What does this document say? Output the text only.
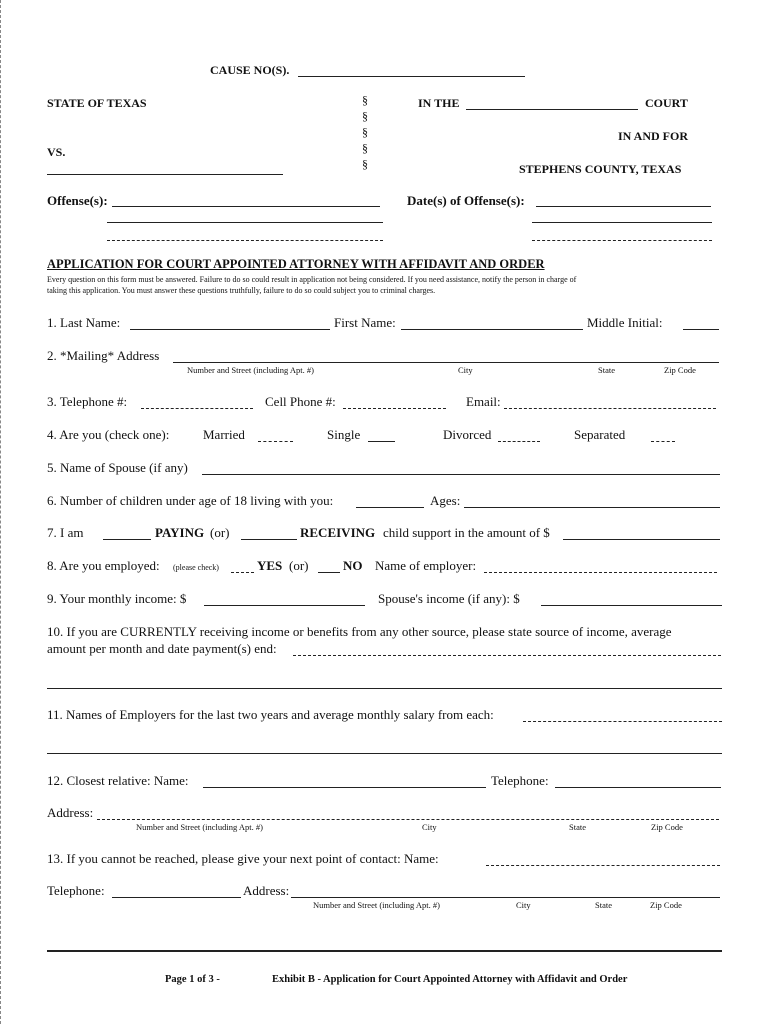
CAUSE NO(S).
STATE OF TEXAS
VS.
§
§
§
§
§
IN THE	COURT
IN AND FOR
STEPHENS COUNTY, TEXAS
Offense(s):	Date(s) of Offense(s):
APPLICATION FOR COURT APPOINTED ATTORNEY WITH AFFIDAVIT AND ORDER
Every question on this form must be answered. Failure to do so could result in application not being considered. If you need assistance, notify the person in charge of
taking this application. You must answer these questions truthfully, failure to do so could subject you to criminal charges.
1. Last Name:	First Name:	Middle Initial:
2. *Mailing* Address
Number and Street (including Apt. #)	City	State	Zip Code
3. Telephone #:	Cell Phone #:	Email:
4. Are you (check one):	Married	Single	Divorced	Separated
5. Name of Spouse (if any)
6. Number of children under age of 18 living with you:	Ages:
7. I am	PAYING (or)	RECEIVING child support in the amount of $
8. Are you employed: (please check)	YES (or)	NO Name of employer:
9. Your monthly income: $	Spouse's income (if any): $
10. If you are CURRENTLY receiving income or benefits from any other source, please state source of income, average
amount per month and date payment(s) end:
11. Names of Employers for the last two years and average monthly salary from each:
12. Closest relative: Name:	Telephone:
Address:
Number and Street (including Apt. #)	City	State	Zip Code
13. If you cannot be reached, please give your next point of contact: Name:
Telephone:	Address:
Number and Street (including Apt. #)	City	State	Zip Code
Page 1 of 3 -	Exhibit B - Application for Court Appointed Attorney with Affidavit and Order
